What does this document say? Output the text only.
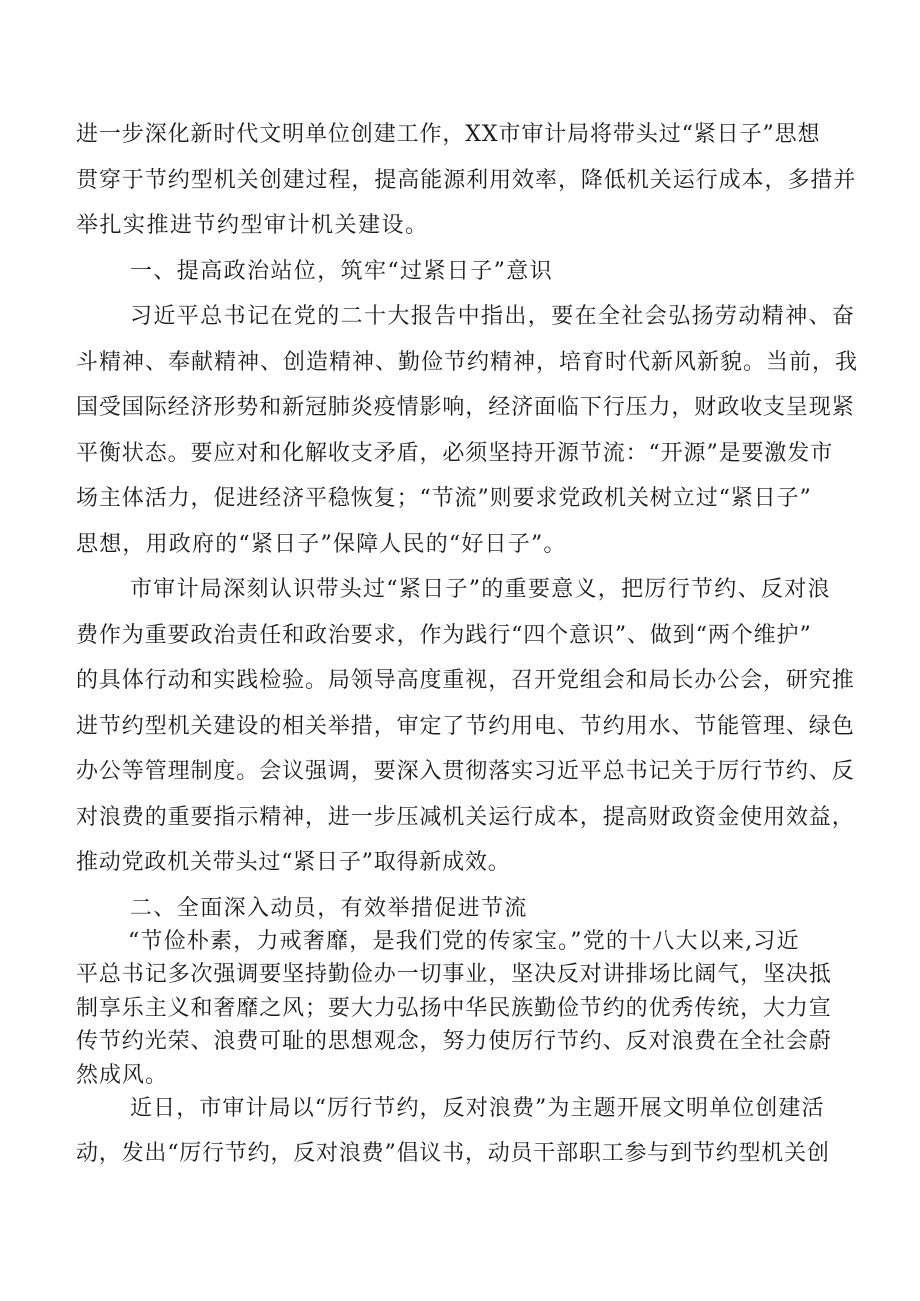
进一步深化新时代文明单位创建工作，XX市审计局将带头过“紧日子”思想
贯穿于节约型机关创建过程，提高能源利用效率，降低机关运行成本，多措并
举扎实推进节约型审计机关建设。
一、提高政治站位，筑牢“过紧日子”意识
习近平总书记在党的二十大报告中指出，要在全社会弘扬劳动精神、奋
斗精神、奉献精神、创造精神、勤俭节约精神，培育时代新风新貌。当前，我
国受国际经济形势和新冠肺炎疫情影响，经济面临下行压力，财政收支呈现紧
平衡状态。要应对和化解收支矛盾，必须坚持开源节流：“开源”是要激发市
场主体活力，促进经济平稳恢复；“节流”则要求党政机关树立过“紧日子”
思想，用政府的“紧日子”保障人民的“好日子”。
市审计局深刻认识带头过“紧日子”的重要意义，把厉行节约、反对浪
费作为重要政治责任和政治要求，作为践行“四个意识”、做到“两个维护”
的具体行动和实践检验。局领导高度重视，召开党组会和局长办公会，研究推
进节约型机关建设的相关举措，审定了节约用电、节约用水、节能管理、绿色
办公等管理制度。会议强调，要深入贯彻落实习近平总书记关于厉行节约、反
对浪费的重要指示精神，进一步压减机关运行成本，提高财政资金使用效益，
推动党政机关带头过“紧日子”取得新成效。
二、全面深入动员，有效举措促进节流
“节俭朴素，力戒奢靡，是我们党的传家宝。”党的十八大以来,习近
平总书记多次强调要坚持勤俭办一切事业，坚决反对讲排场比阔气，坚决抵
制享乐主义和奢靡之风；要大力弘扬中华民族勤俭节约的优秀传统，大力宣
传节约光荣、浪费可耻的思想观念，努力使厉行节约、反对浪费在全社会蔚
然成风。
近日，市审计局以“厉行节约，反对浪费”为主题开展文明单位创建活
动，发出“厉行节约，反对浪费”倡议书，动员干部职工参与到节约型机关创
